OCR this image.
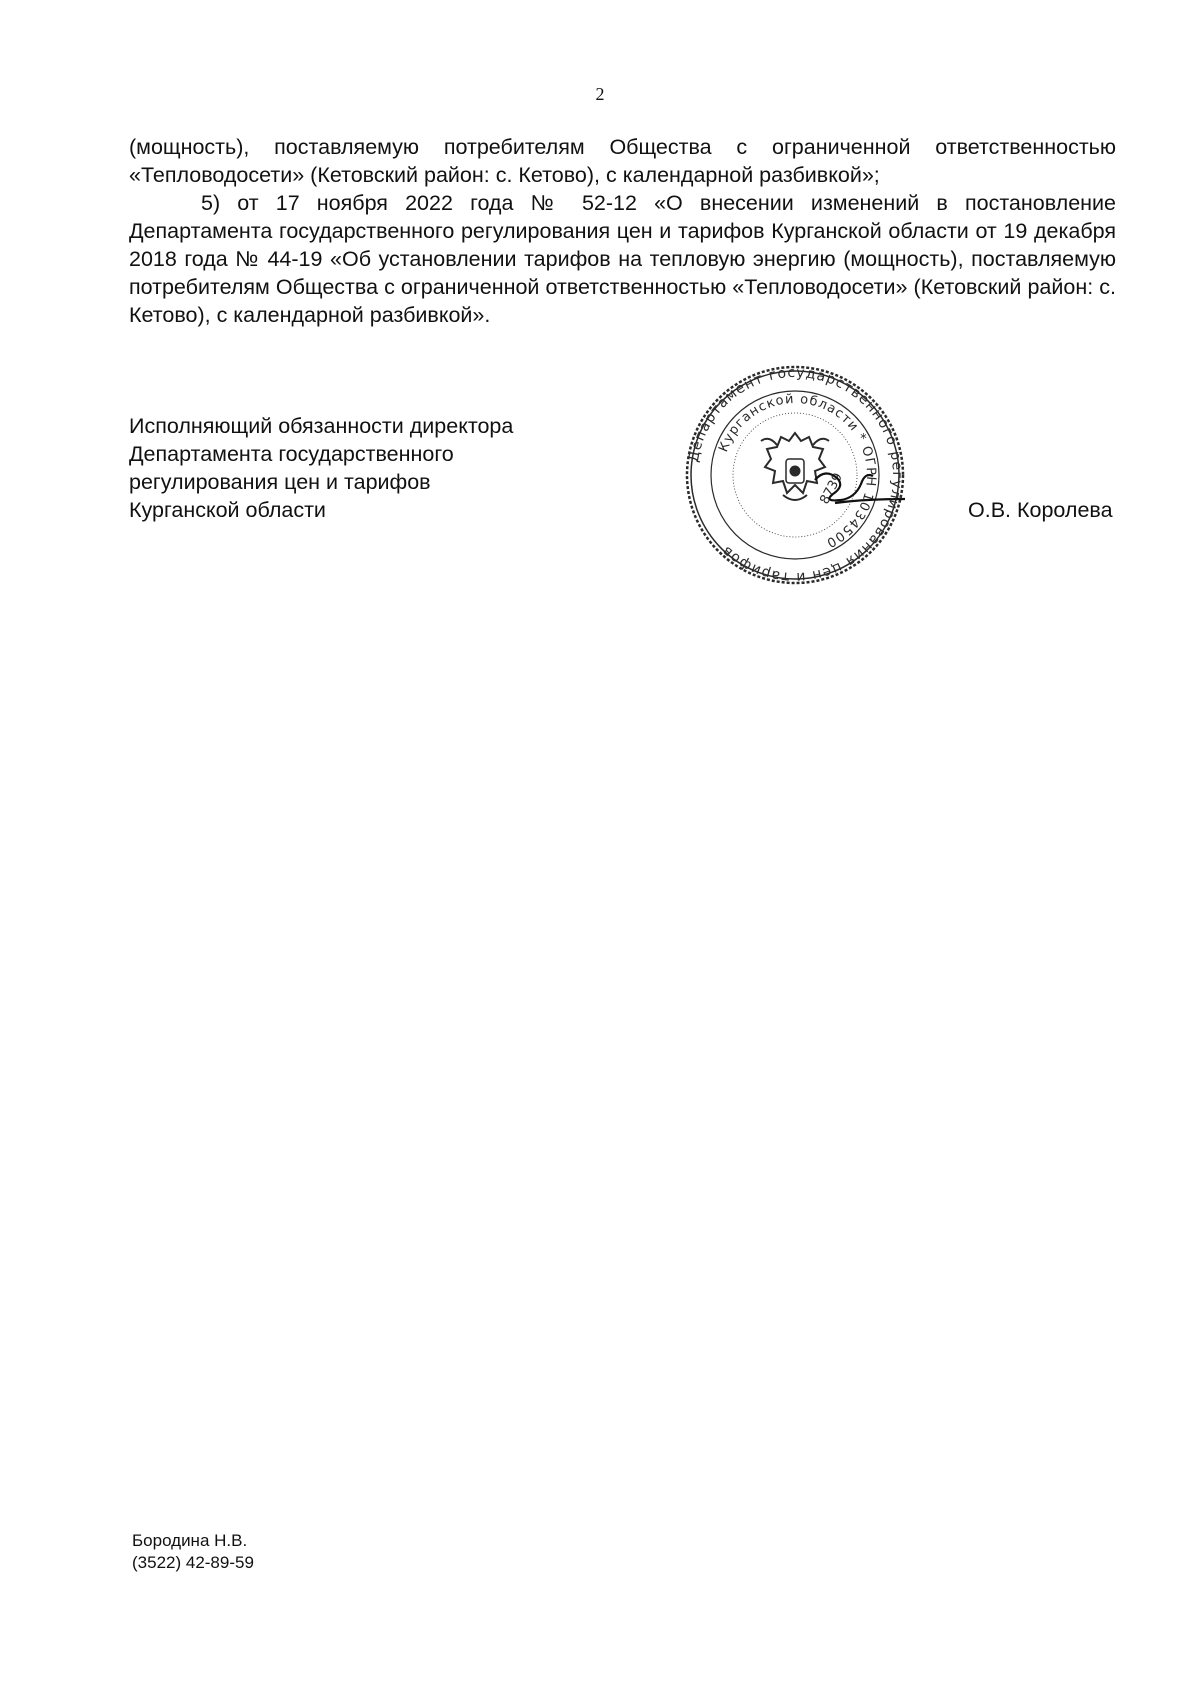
2

(мощность), поставляемую потребителям Общества с ограниченной ответственностью «Тепловодосети» (Кетовский район: с. Кетово), с календарной разбивкой»;

5) от 17 ноября 2022 года № 52-12 «О внесении изменений в постановление Департамента государственного регулирования цен и тарифов Курганской области от 19 декабря 2018 года № 44-19 «Об установлении тарифов на тепловую энергию (мощность), поставляемую потребителям Общества с ограниченной ответственностью «Тепловодосети» (Кетовский район: с. Кетово), с календарной разбивкой».

Исполняющий обязанности директора
Департамента государственного
регулирования цен и тарифов
Курганской области
Департамент государственного регулирования цен и тарифов
Курганской области * ОГРН 1034500
8739
О.В. Королева
Бородина Н.В.
(3522) 42-89-59
